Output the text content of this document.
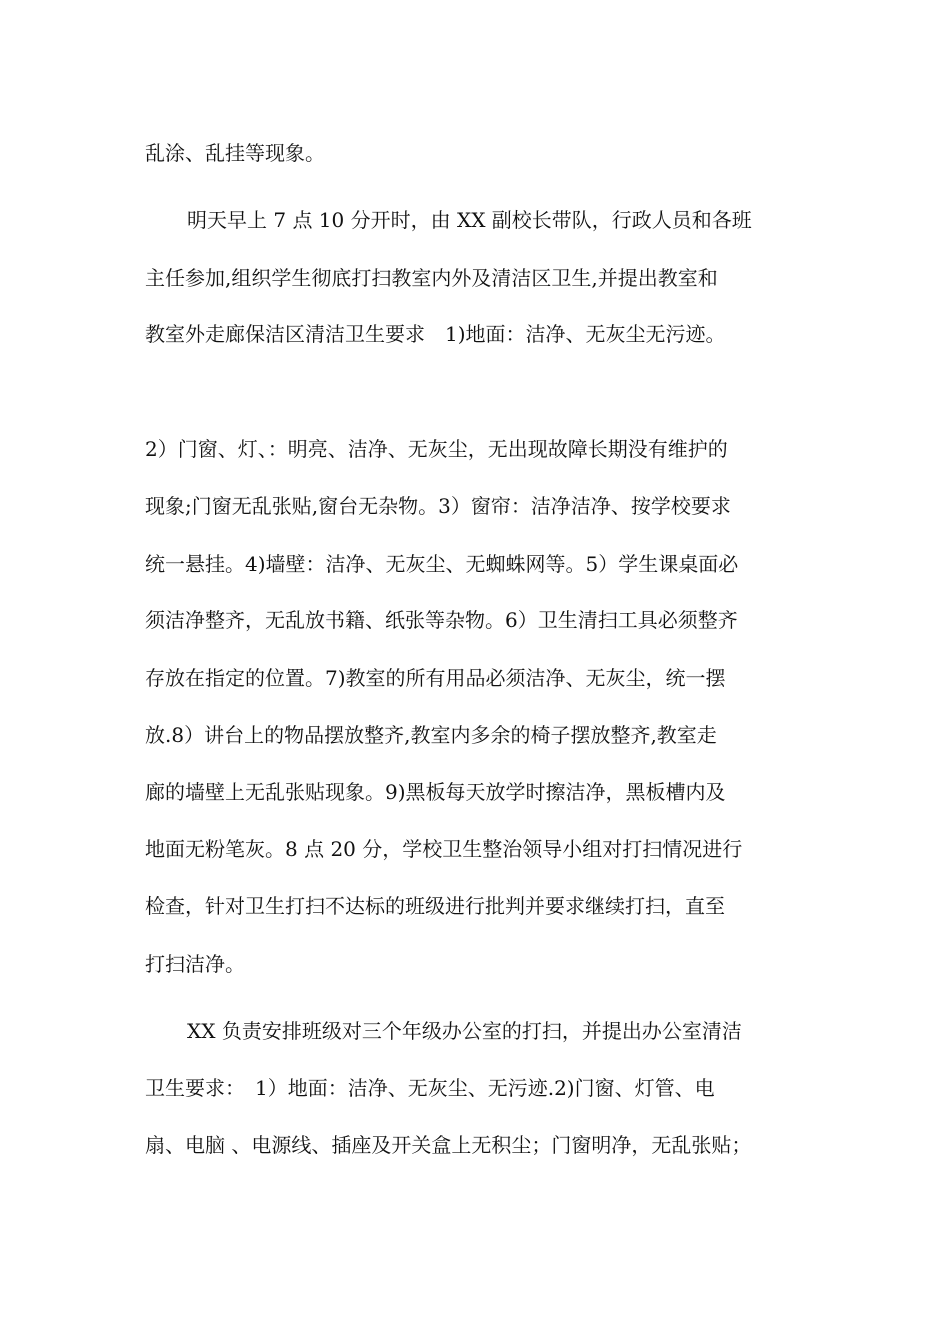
乱涂、乱挂等现象。
明天早上 7 点 10 分开时，由 XX 副校长带队，行政人员和各班
主任参加,组织学生彻底打扫教室内外及清洁区卫生,并提出教室和
教室外走廊保洁区清洁卫生要求　1)地面：洁净、无灰尘无污迹。
2）门窗、灯、：明亮、洁净、无灰尘，无出现故障长期没有维护的
现象;门窗无乱张贴,窗台无杂物。3）窗帘：洁净洁净、按学校要求
统一悬挂。4)墙壁：洁净、无灰尘、无蜘蛛网等。5）学生课桌面必
须洁净整齐，无乱放书籍、纸张等杂物。6）卫生清扫工具必须整齐
存放在指定的位置。7)教室的所有用品必须洁净、无灰尘，统一摆
放.8）讲台上的物品摆放整齐,教室内多余的椅子摆放整齐,教室走
廊的墙壁上无乱张贴现象。9)黑板每天放学时擦洁净，黑板槽内及
地面无粉笔灰。8 点 20 分，学校卫生整治领导小组对打扫情况进行
检查，针对卫生打扫不达标的班级进行批判并要求继续打扫，直至
打扫洁净。
XX 负责安排班级对三个年级办公室的打扫，并提出办公室清洁
卫生要求：　1）地面：洁净、无灰尘、无污迹.2)门窗、灯管、电
扇、电脑 、电源线、插座及开关盒上无积尘；门窗明净，无乱张贴；
